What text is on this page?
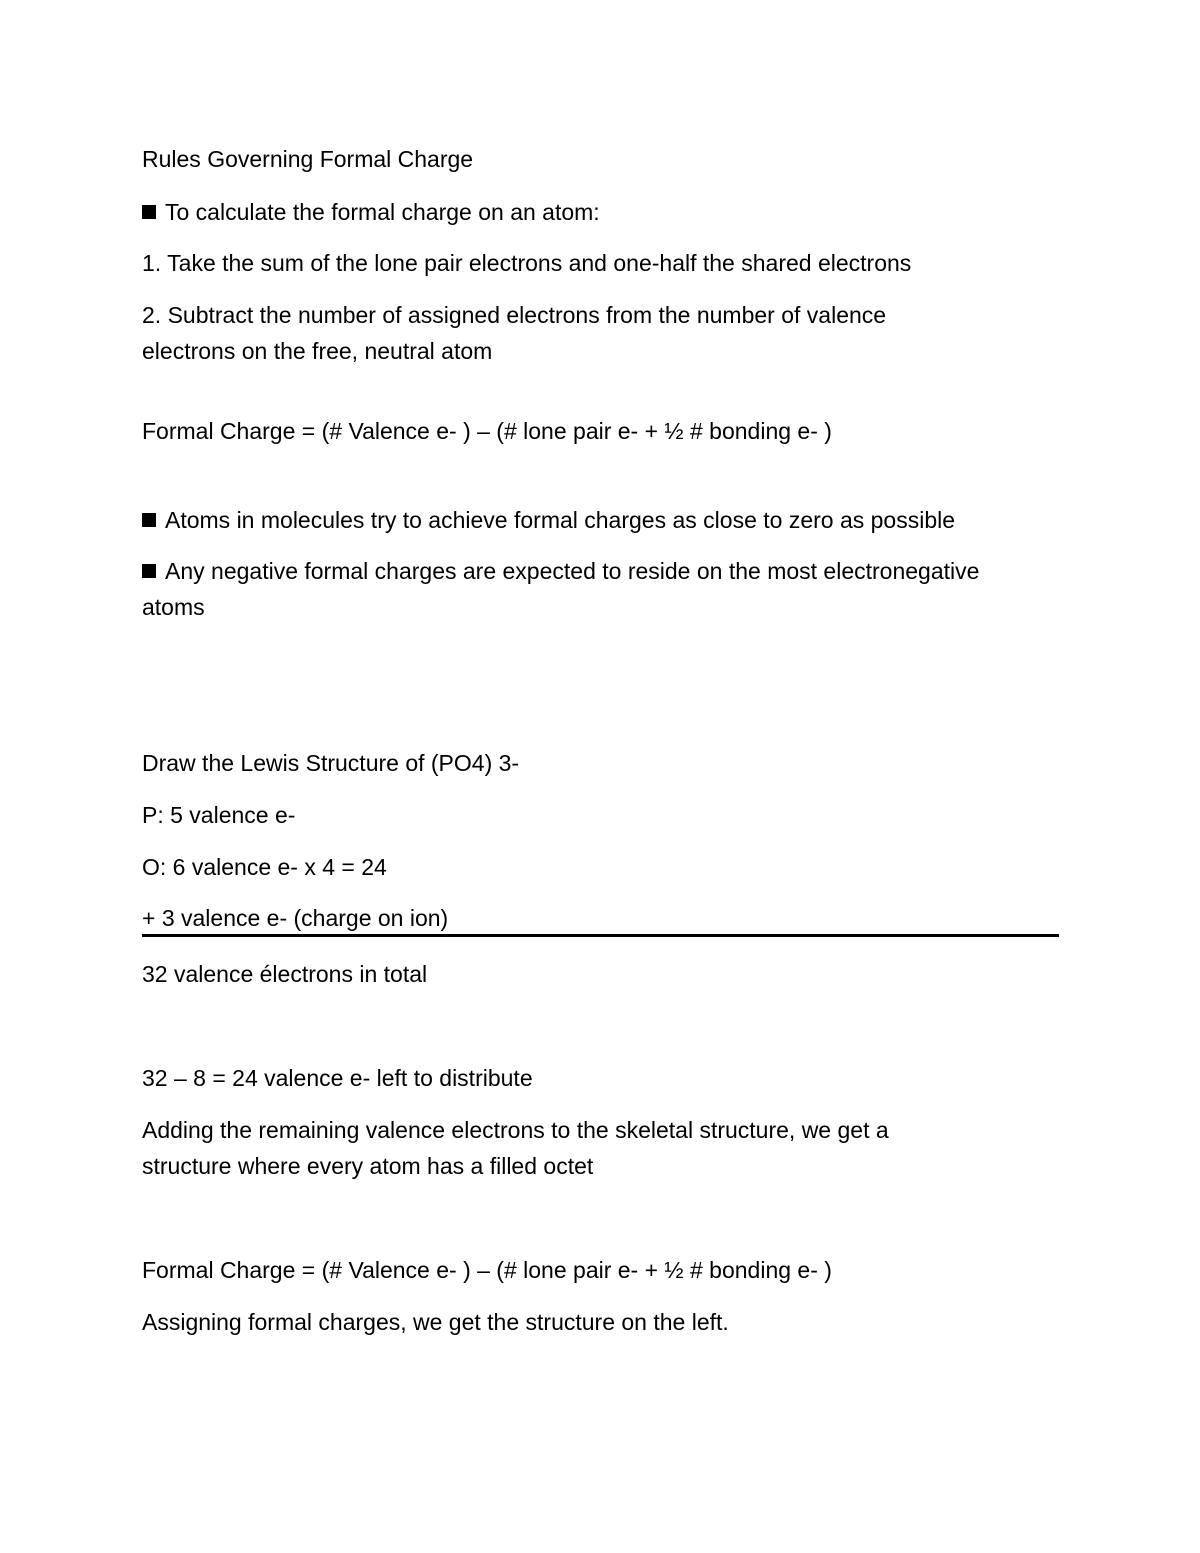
Rules Governing Formal Charge
To calculate the formal charge on an atom:
1. Take the sum of the lone pair electrons and one-half the shared electrons
2. Subtract the number of assigned electrons from the number of valence
electrons on the free, neutral atom
Formal Charge = (# Valence e- ) – (# lone pair e- + ½ # bonding e- )
Atoms in molecules try to achieve formal charges as close to zero as possible
Any negative formal charges are expected to reside on the most electronegative
atoms
Draw the Lewis Structure of (PO4) 3-
P: 5 valence e-
O: 6 valence e- x 4 = 24
+ 3 valence e- (charge on ion)
32 valence électrons in total
32 – 8 = 24 valence e- left to distribute
Adding the remaining valence electrons to the skeletal structure, we get a
structure where every atom has a filled octet
Formal Charge = (# Valence e- ) – (# lone pair e- + ½ # bonding e- )
Assigning formal charges, we get the structure on the left.
